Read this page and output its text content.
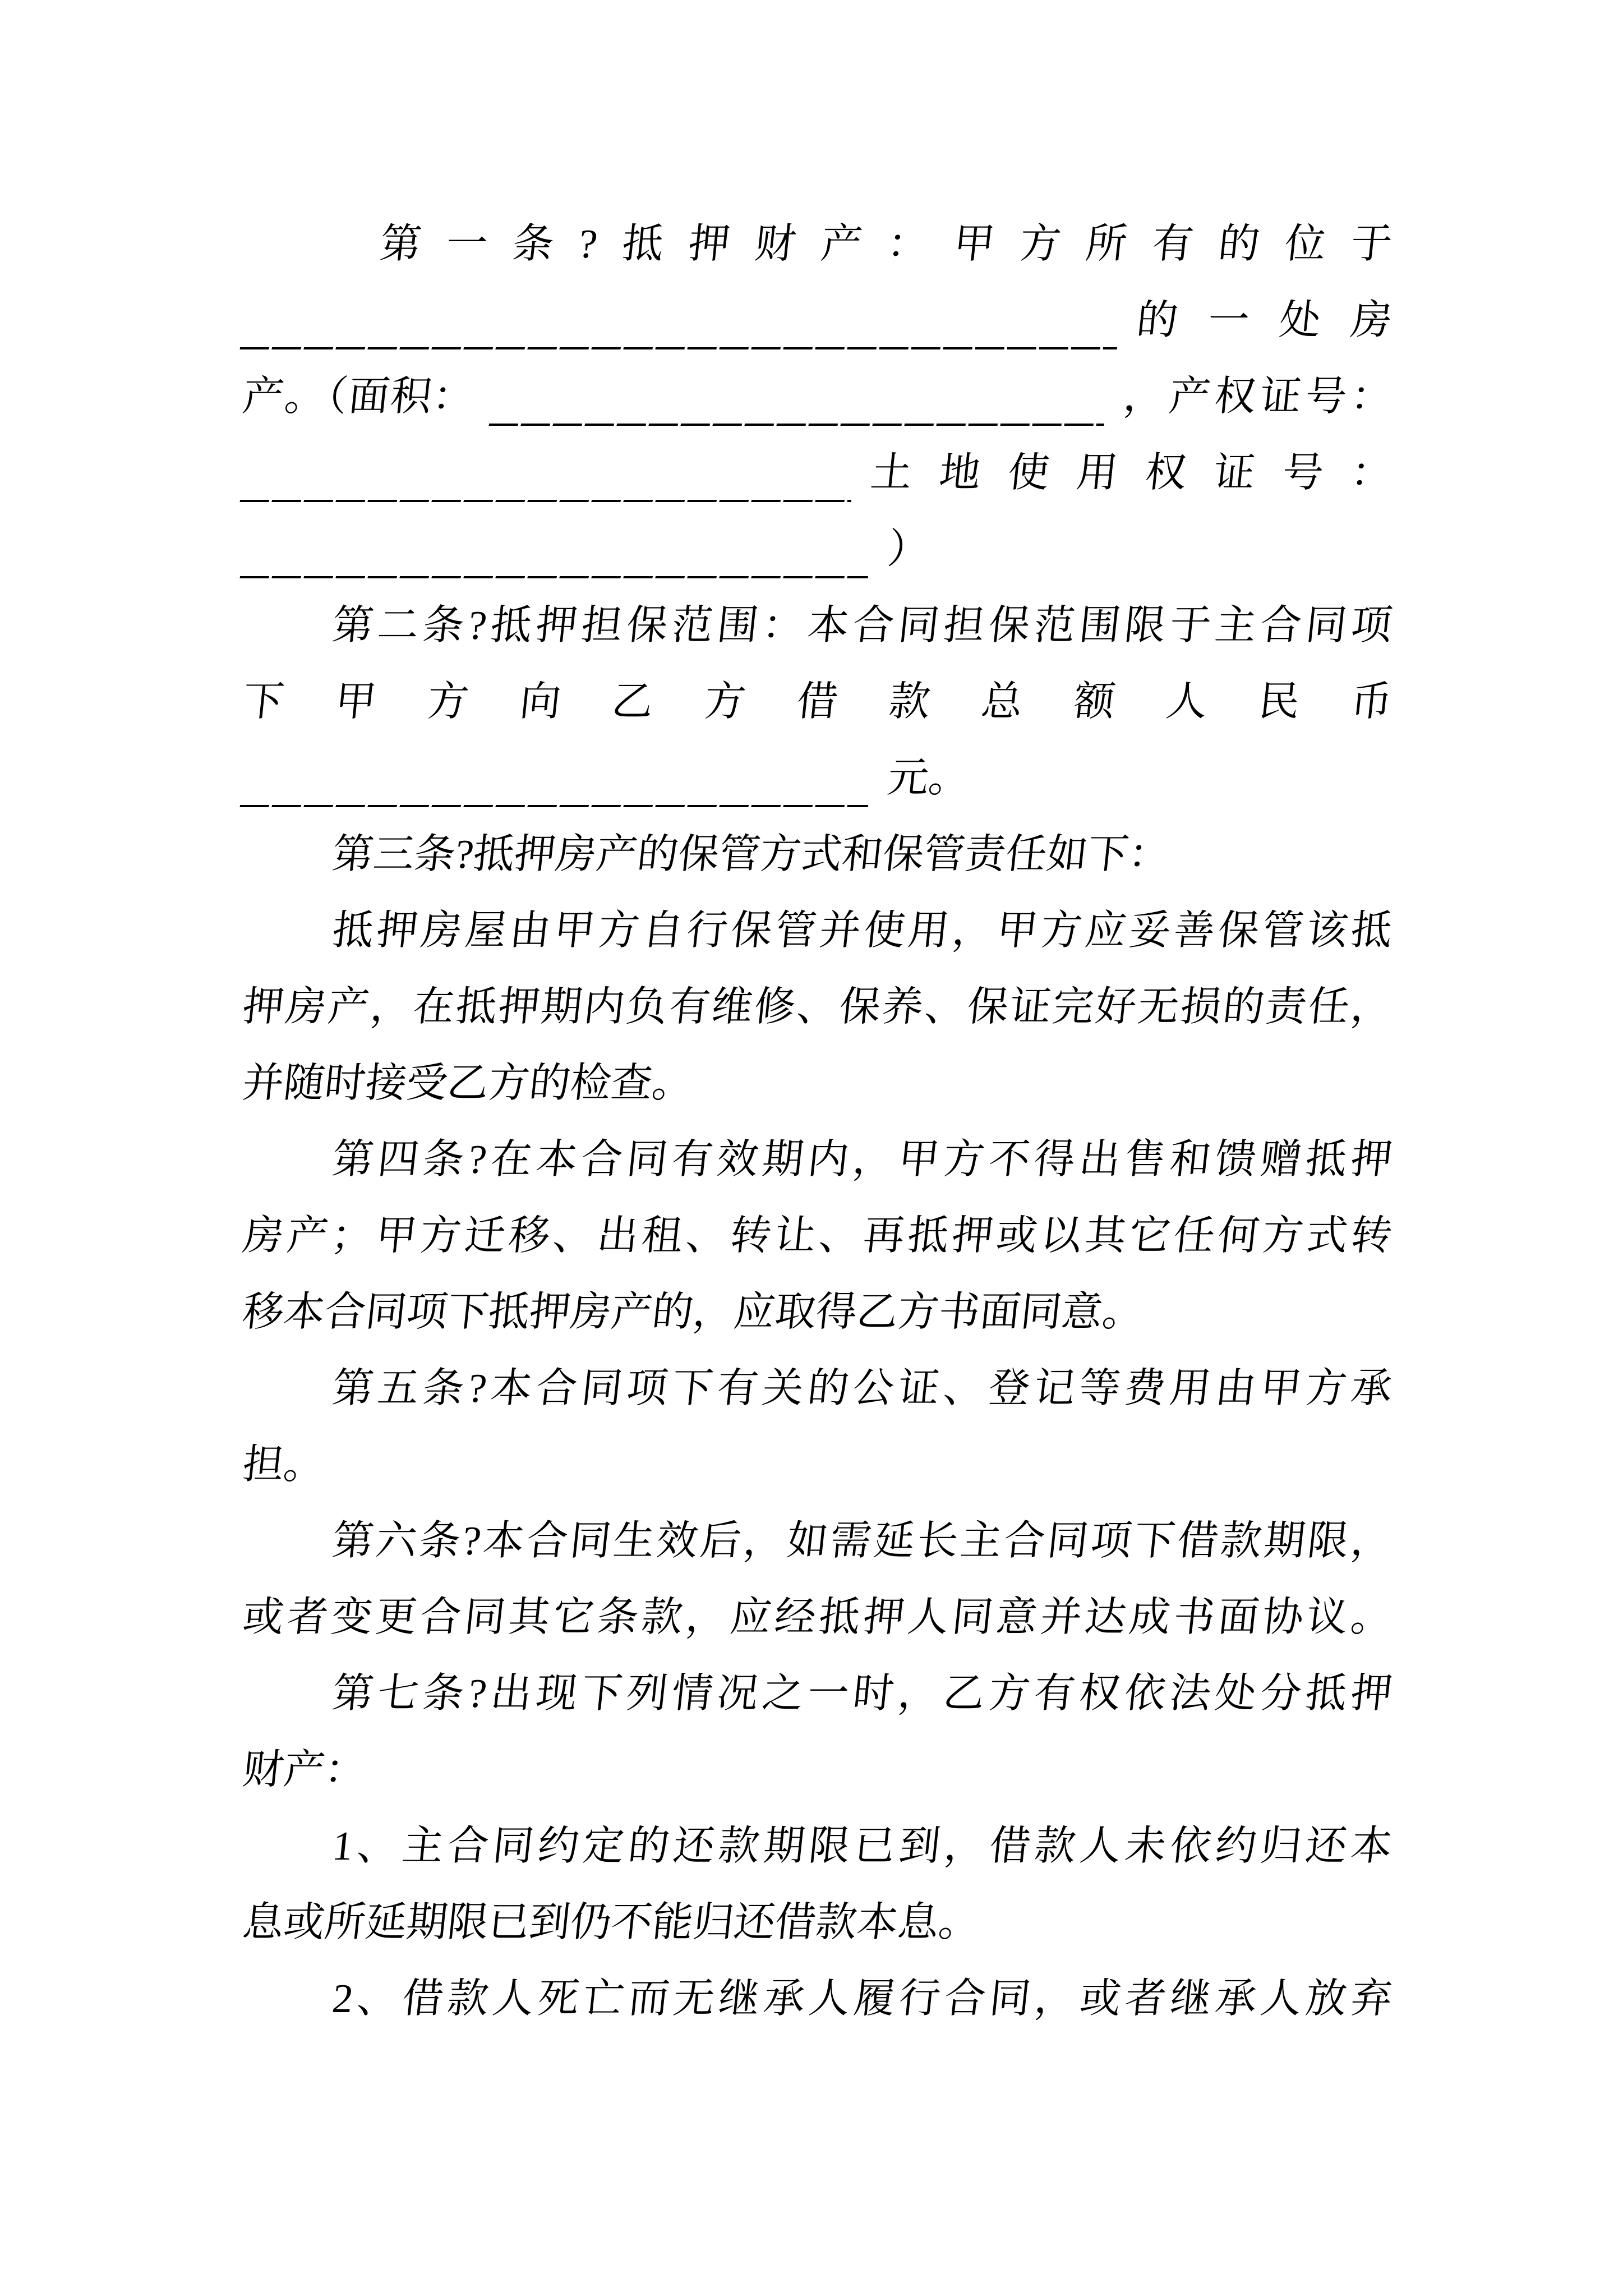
第一条?抵押财产：甲方所有的位于
的一处房
产。（面积：	，产权证号：
土地使用权证号：
）
第二条?抵押担保范围：本合同担保范围限于主合同项
下甲方向乙方借款总额人民币
元。
第三条?抵押房产的保管方式和保管责任如下：
抵押房屋由甲方自行保管并使用，甲方应妥善保管该抵
押房产，在抵押期内负有维修、保养、保证完好无损的责任，
并随时接受乙方的检查。
第四条?在本合同有效期内，甲方不得出售和馈赠抵押
房产；甲方迁移、出租、转让、再抵押或以其它任何方式转
移本合同项下抵押房产的，应取得乙方书面同意。
第五条?本合同项下有关的公证、登记等费用由甲方承
担。
第六条?本合同生效后，如需延长主合同项下借款期限，
或者变更合同其它条款，应经抵押人同意并达成书面协议。
第七条?出现下列情况之一时，乙方有权依法处分抵押
财产：
1、主合同约定的还款期限已到，借款人未依约归还本
息或所延期限已到仍不能归还借款本息。
2、借款人死亡而无继承人履行合同，或者继承人放弃
